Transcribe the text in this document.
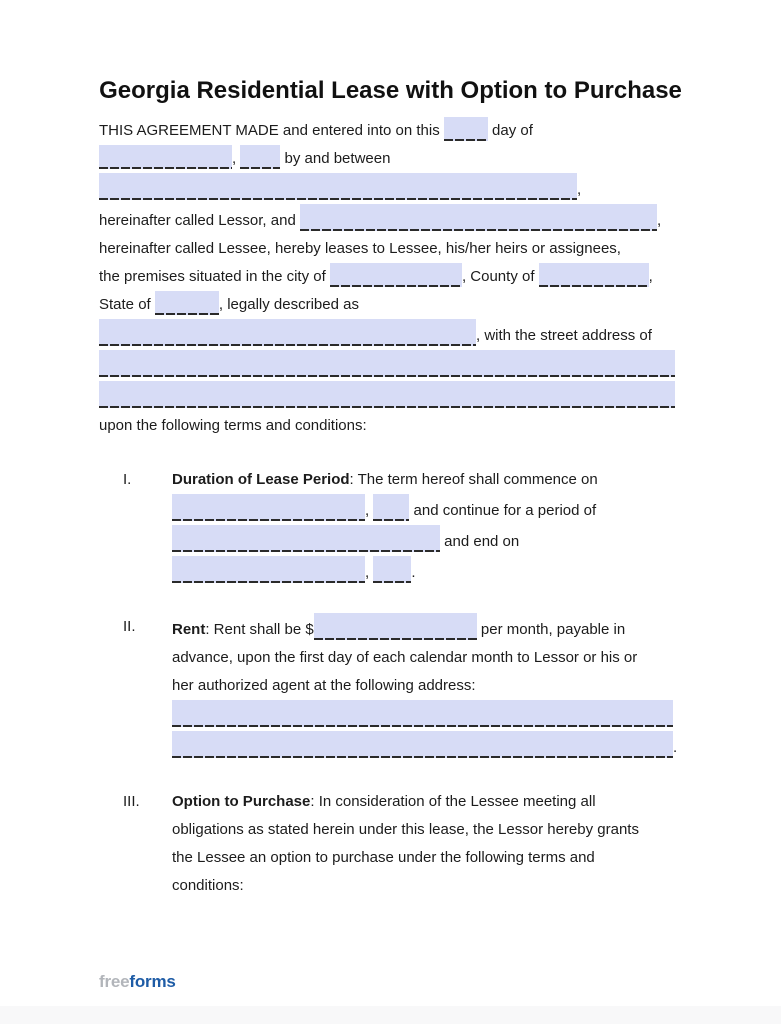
Georgia Residential Lease with Option to Purchase
THIS AGREEMENT MADE and entered into on this	day of
,	by and between
,
hereinafter called Lessor, and	,
hereinafter called Lessee, hereby leases to Lessee, his/her heirs or assignees,
the premises situated in the city of	, County of	,
State of	, legally described as
, with the street address of
upon the following terms and conditions:
I.	Duration of Lease Period: The term hereof shall commence on
,  and continue for a period of
and end on
,	.
II.	Rent: Rent shall be $	per month, payable in
advance, upon the first day of each calendar month to Lessor or his or
her authorized agent at the following address:
.
III.	Option to Purchase: In consideration of the Lessee meeting all
obligations as stated herein under this lease, the Lessor hereby grants
the Lessee an option to purchase under the following terms and
conditions:
freeforms
